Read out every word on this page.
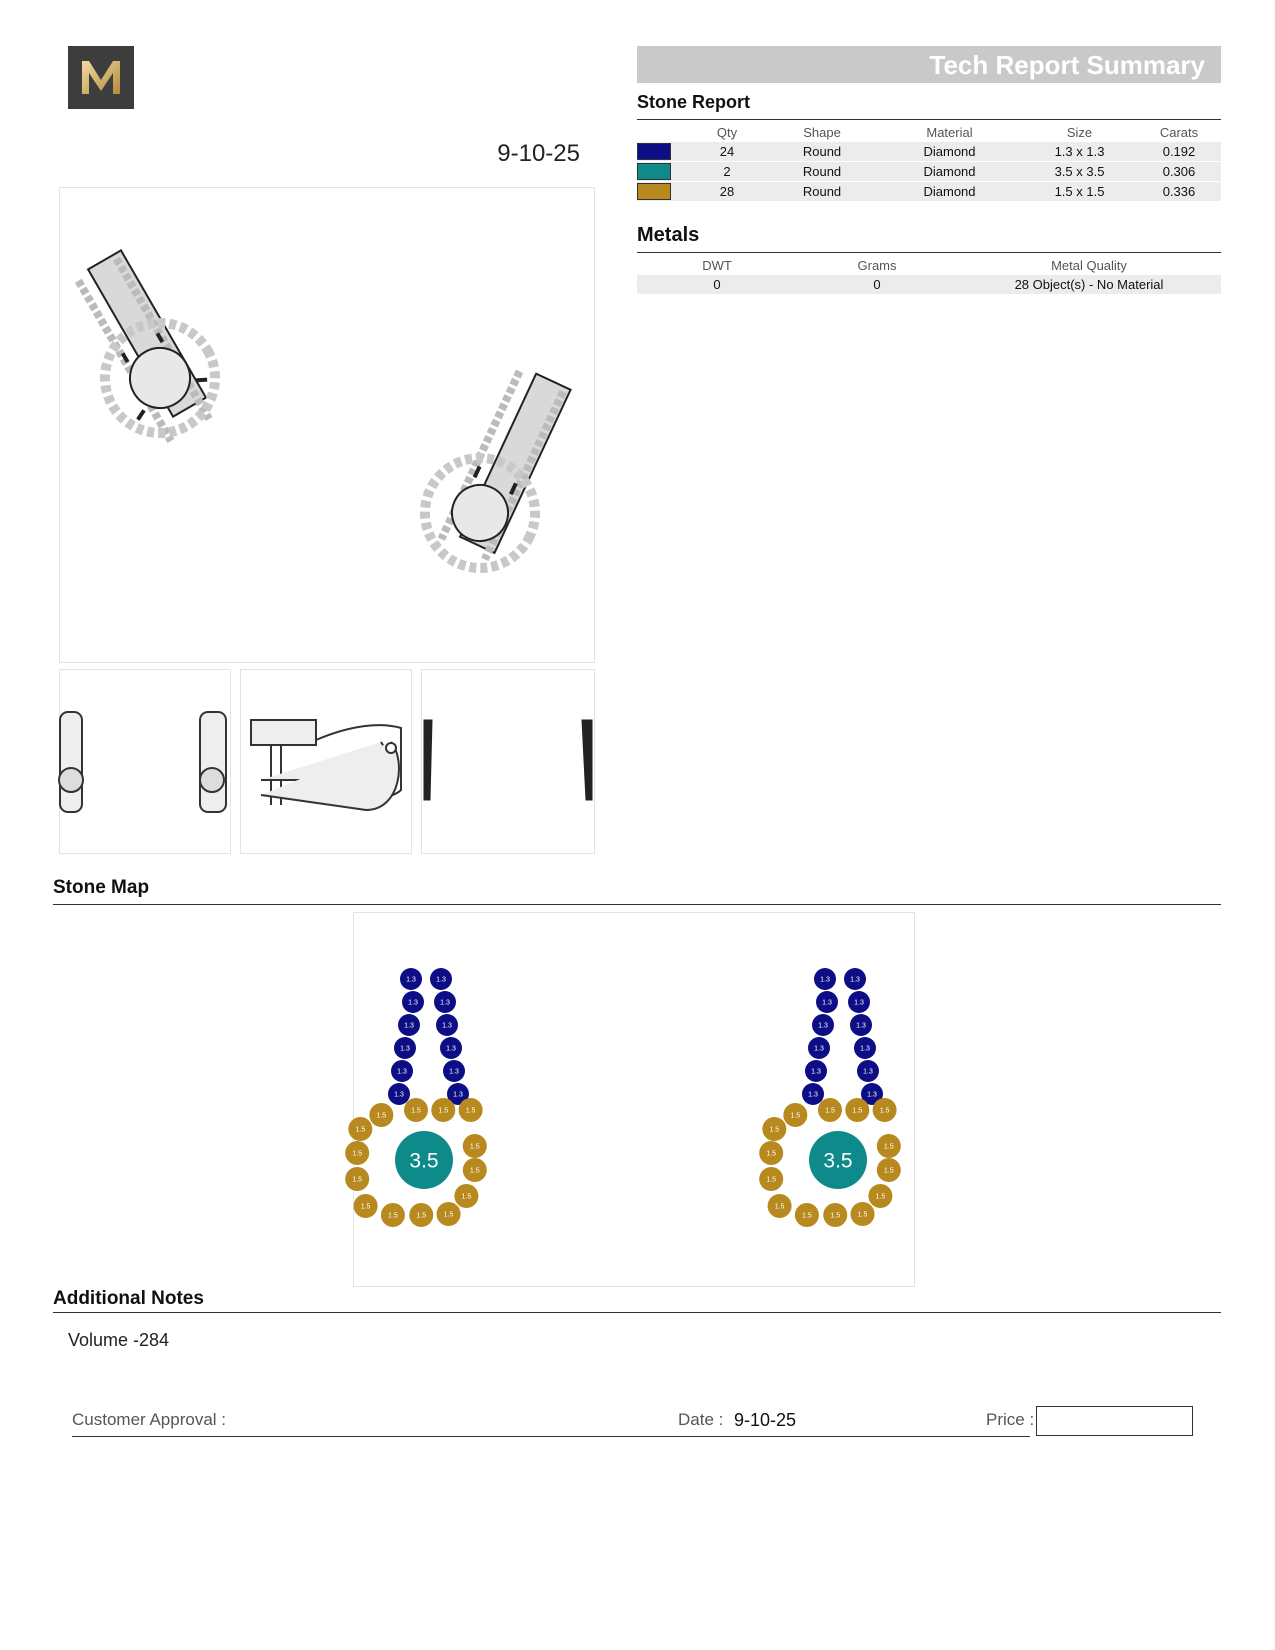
9-10-25
Tech Report Summary
Stone Report
	Qty	Shape	Material	Size	Carats
	24	Round	Diamond	1.3 x 1.3	0.192
	2	Round	Diamond	3.5 x 3.5	0.306
	28	Round	Diamond	1.5 x 1.5	0.336
Metals
DWT	Grams	Metal Quality
0	0	28 Object(s) - No Material
Stone Map
1.3	1.3
1.3	1.3
1.3	1.3
1.3	1.3
1.3	1.3
1.3	1.3
1.5	1.5	1.5
1.5
1.5
1.5
1.5
1.5
1.5	1.5	1.5
1.5
1.5
1.5
3.5
1.3	1.3
1.3	1.3
1.3	1.3
1.3	1.3
1.3	1.3
1.3	1.3
1.5	1.5	1.5
1.5
1.5
1.5
1.5
1.5
1.5	1.5	1.5
1.5
1.5
1.5
3.5
Additional Notes
Volume -284
Customer Approval :	Date : 9-10-25	Price :
